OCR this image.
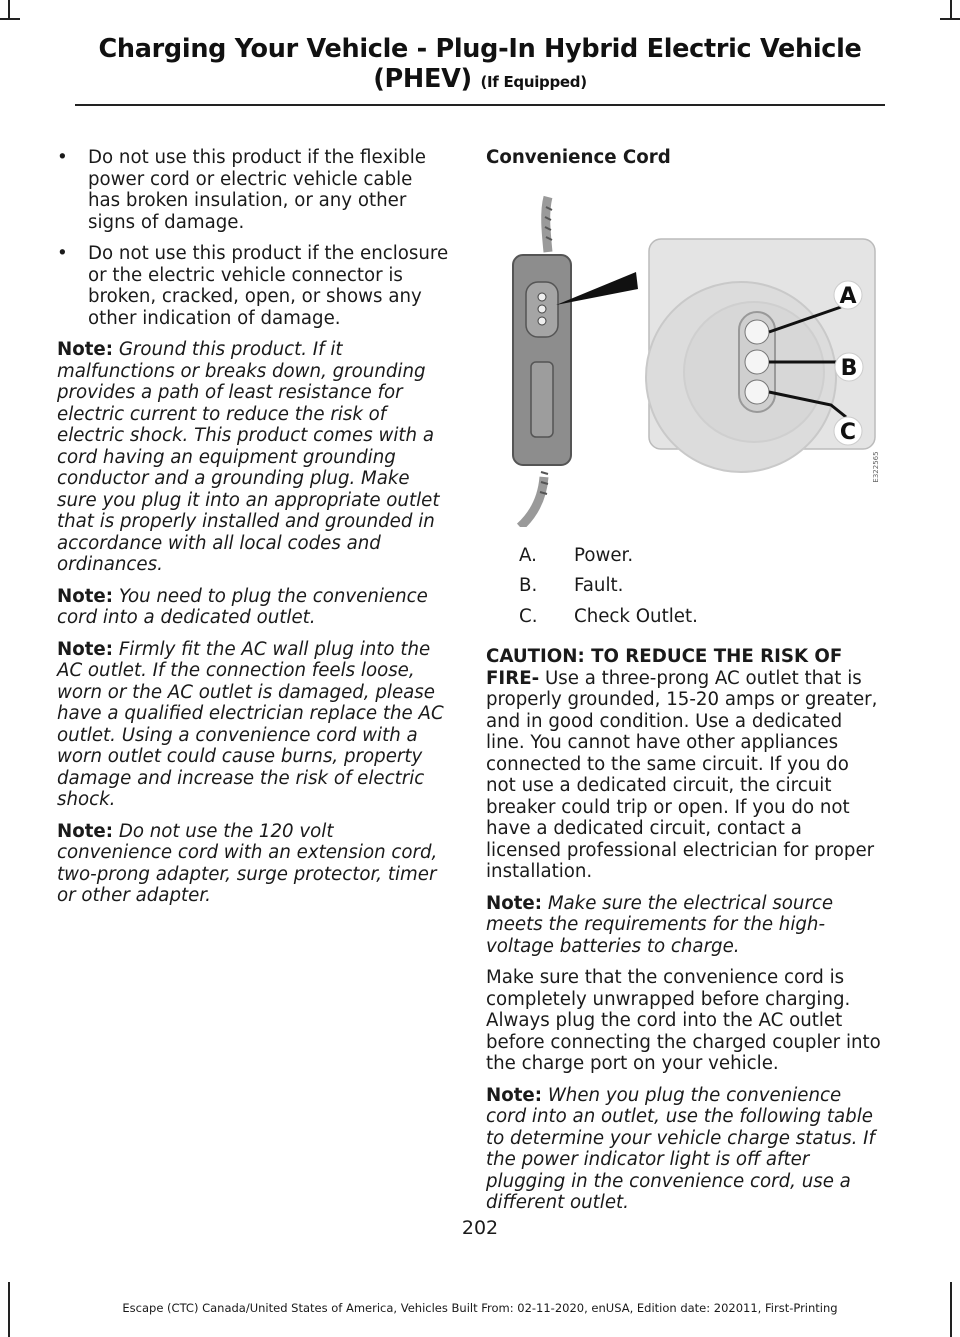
Charging Your Vehicle - Plug-In Hybrid Electric Vehicle
(PHEV) (If Equipped)
• Do not use this product if the flexible power cord or electric vehicle cable has broken insulation, or any other signs of damage.
• Do not use this product if the enclosure or the electric vehicle connector is broken, cracked, open, or shows any other indication of damage.

Note: Ground this product. If it malfunctions or breaks down, grounding provides a path of least resistance for electric current to reduce the risk of electric shock. This product comes with a cord having an equipment grounding conductor and a grounding plug. Make sure you plug it into an appropriate outlet that is properly installed and grounded in accordance with all local codes and ordinances.

Note: You need to plug the convenience cord into a dedicated outlet.

Note: Firmly fit the AC wall plug into the AC outlet. If the connection feels loose, worn or the AC outlet is damaged, please have a qualified electrician replace the AC outlet. Using a convenience cord with a worn outlet could cause burns, property damage and increase the risk of electric shock.

Note: Do not use the 120 volt convenience cord with an extension cord, two-prong adapter, surge protector, timer or other adapter.

Convenience Cord
A
B
C
E322565
A.	Power.
B.	Fault.
C.	Check Outlet.

CAUTION: TO REDUCE THE RISK OF FIRE- Use a three-prong AC outlet that is properly grounded, 15-20 amps or greater, and in good condition. Use a dedicated line. You cannot have other appliances connected to the same circuit. If you do not use a dedicated circuit, the circuit breaker could trip or open. If you do not have a dedicated circuit, contact a licensed professional electrician for proper installation.

Note: Make sure the electrical source meets the requirements for the high-voltage batteries to charge.

Make sure that the convenience cord is completely unwrapped before charging. Always plug the cord into the AC outlet before connecting the charged coupler into the charge port on your vehicle.

Note: When you plug the convenience cord into an outlet, use the following table to determine your vehicle charge status. If the power indicator light is off after plugging in the convenience cord, use a different outlet.

202
Escape (CTC) Canada/United States of America, Vehicles Built From: 02-11-2020, enUSA, Edition date: 202011, First-Printing
